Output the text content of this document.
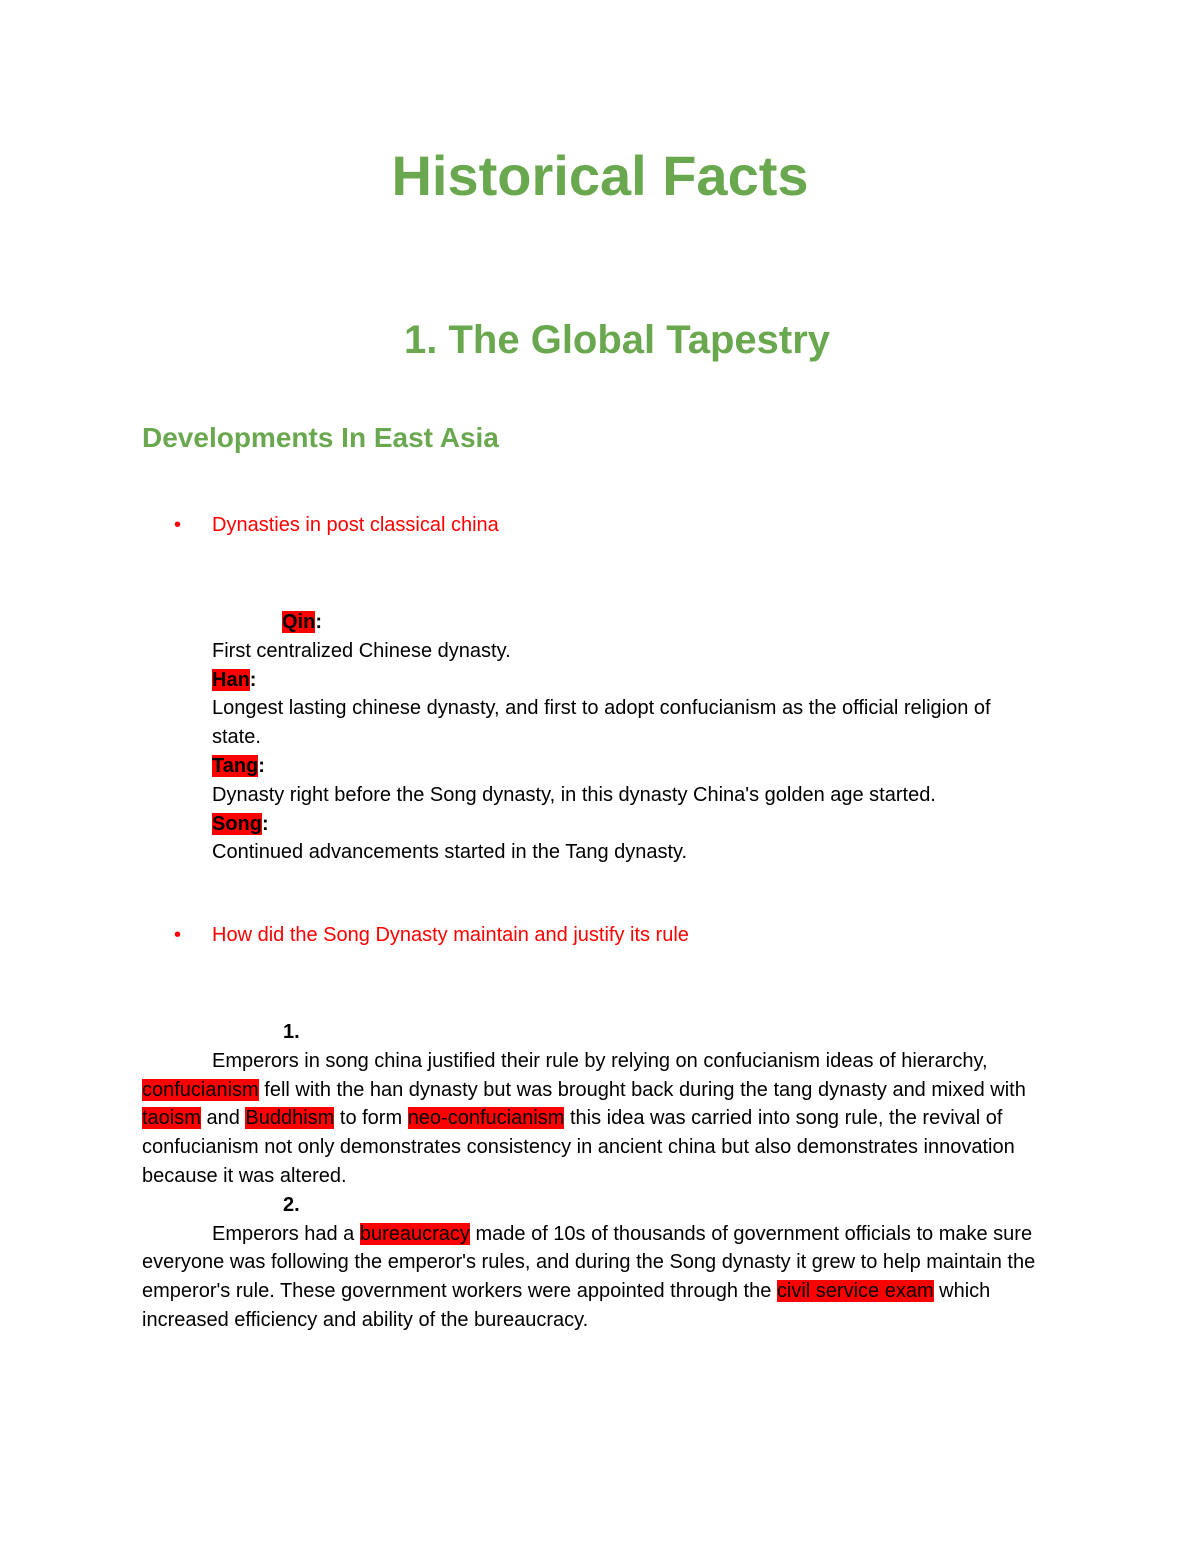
Historical Facts
1. The Global Tapestry
Developments In East Asia
• Dynasties in post classical china
Qin:
First centralized Chinese dynasty.
Han:
Longest lasting chinese dynasty, and first to adopt confucianism as the official religion of
state.
Tang:
Dynasty right before the Song dynasty, in this dynasty China's golden age started.
Song:
Continued advancements started in the Tang dynasty.
• How did the Song Dynasty maintain and justify its rule
1.
Emperors in song china justified their rule by relying on confucianism ideas of hierarchy, confucianism fell with the han dynasty but was brought back during the tang dynasty and mixed with taoism and Buddhism to form neo-confucianism this idea was carried into song rule, the revival of confucianism not only demonstrates consistency in ancient china but also demonstrates innovation because it was altered.
2.
Emperors had a bureaucracy made of 10s of thousands of government officials to make sure everyone was following the emperor's rules, and during the Song dynasty it grew to help maintain the emperor's rule. These government workers were appointed through the civil service exam which increased efficiency and ability of the bureaucracy.
